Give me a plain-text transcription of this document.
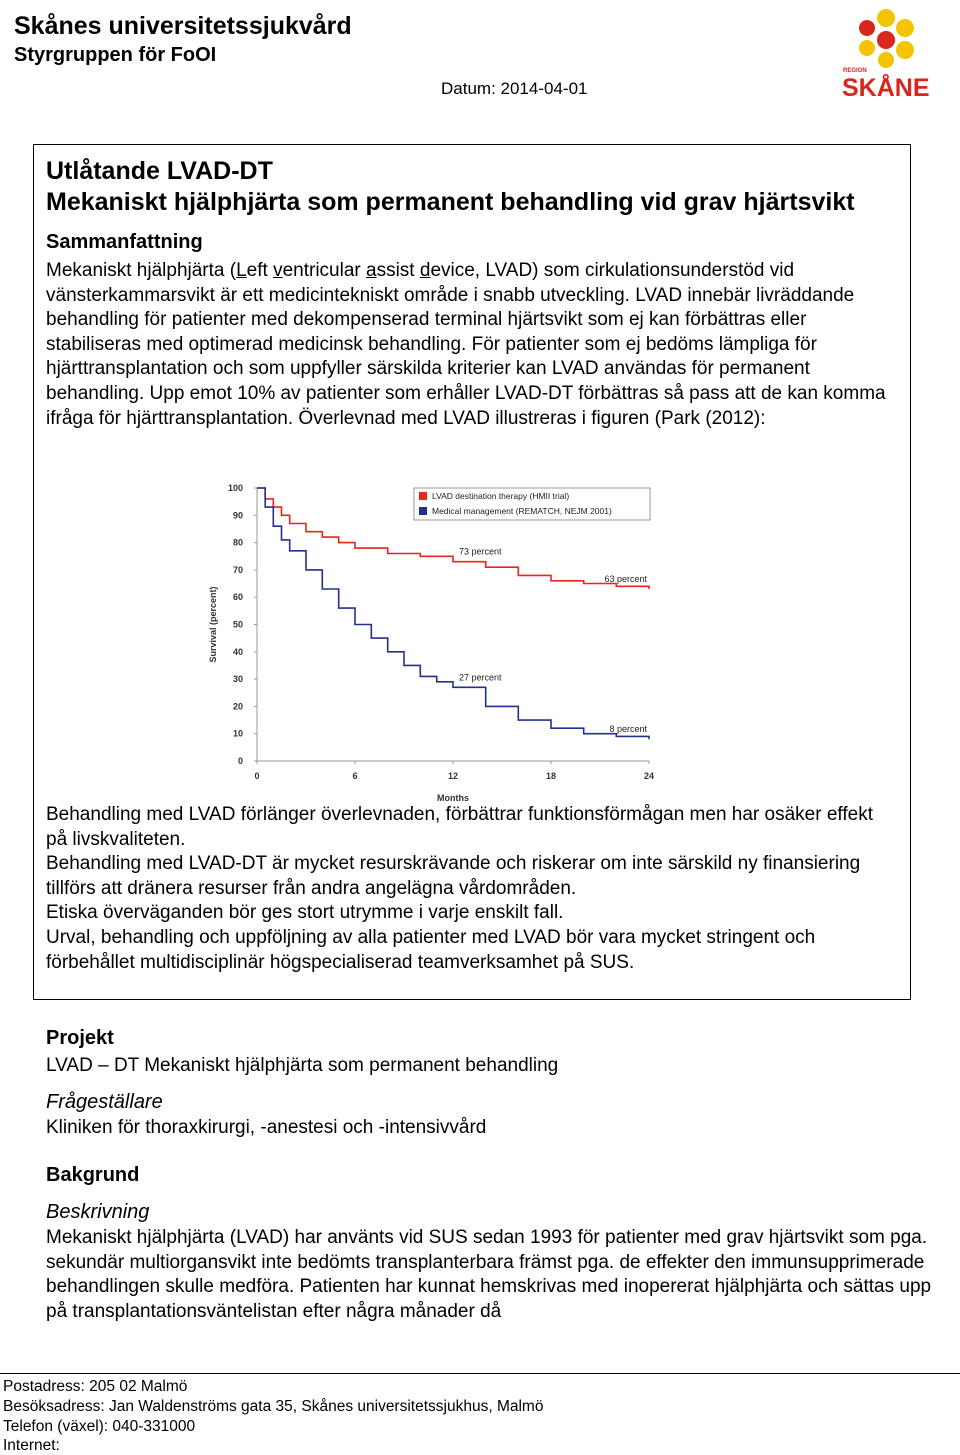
Skånes universitetssjukvård
Styrgruppen för FoOI
Datum: 2014-04-01
REGION
SKÅNE
Utlåtande LVAD-DT
Mekaniskt hjälphjärta som permanent behandling vid grav hjärtsvikt
Sammanfattning
Mekaniskt hjälphjärta (Left ventricular assist device, LVAD) som cirkulationsunderstöd vid vänsterkammarsvikt är ett medicintekniskt område i snabb utveckling. LVAD innebär livräddande behandling för patienter med dekompenserad terminal hjärtsvikt som ej kan förbättras eller stabiliseras med optimerad medicinsk behandling. För patienter som ej bedöms lämpliga för hjärttransplantation och som uppfyller särskilda kriterier kan LVAD användas för permanent behandling. Upp emot 10% av patienter som erhåller LVAD-DT förbättras så pass att de kan komma ifråga för hjärttransplantation. Överlevnad med LVAD illustreras i figuren (Park (2012):
0
10
20
30
40
50
60
70
80
90
100
0	6	12	18	24
Months
Survival (percent)
73 percent
63 percent
27 percent
8 percent
LVAD destination therapy (HMII trial)
Medical management (REMATCH, NEJM 2001)
Behandling med LVAD förlänger överlevnaden, förbättrar funktionsförmågan men har osäker effekt på livskvaliteten.
Behandling med LVAD-DT är mycket resurskrävande och riskerar om inte särskild ny finansiering tillförs att dränera resurser från andra angelägna vårdområden.
Etiska överväganden bör ges stort utrymme i varje enskilt fall.
Urval, behandling och uppföljning av alla patienter med LVAD bör vara mycket stringent och förbehållet multidisciplinär högspecialiserad teamverksamhet på SUS.
Projekt
LVAD – DT Mekaniskt hjälphjärta som permanent behandling
Frågeställare
Kliniken för thoraxkirurgi, -anestesi och -intensivvård
Bakgrund
Beskrivning
Mekaniskt hjälphjärta (LVAD) har använts vid SUS sedan 1993 för patienter med grav hjärtsvikt som pga. sekundär multiorgansvikt inte bedömts transplanterbara främst pga. de effekter den immunsupprimerade behandlingen skulle medföra. Patienten har kunnat hemskrivas med inopererat hjälphjärta och sättas upp på transplantationsväntelistan efter några månader då
Postadress: 205 02 Malmö
Besöksadress: Jan Waldenströms gata 35, Skånes universitetssjukhus, Malmö
Telefon (växel): 040-331000
Internet:
